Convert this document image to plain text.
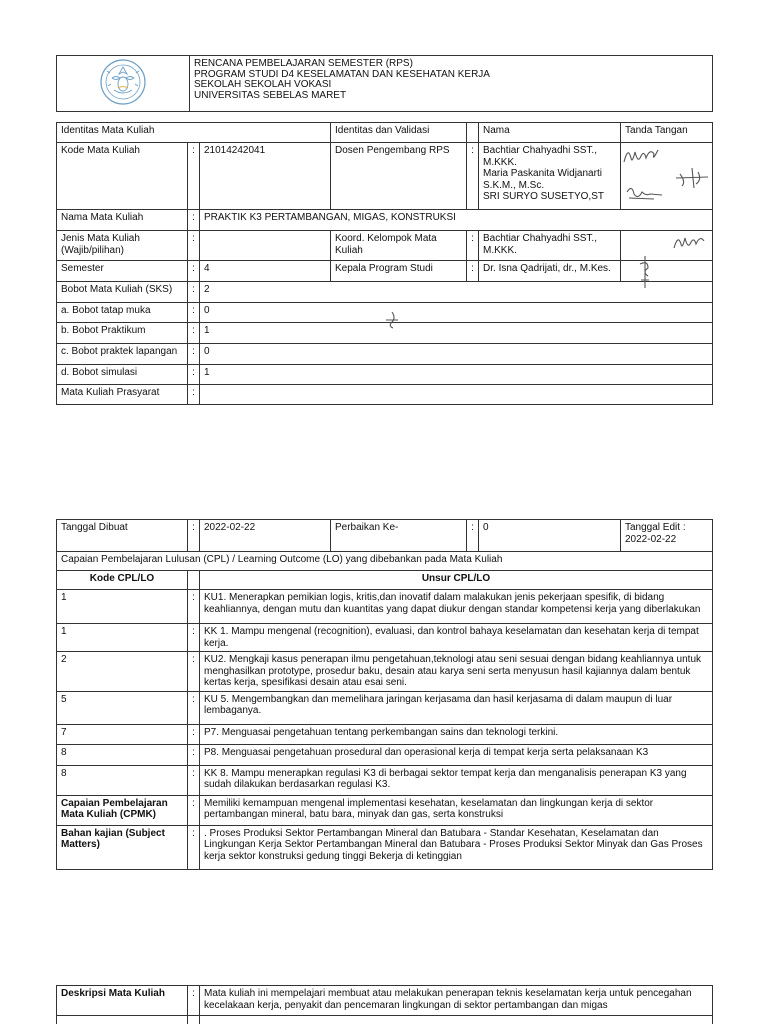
RENCANA PEMBELAJARAN SEMESTER (RPS)
PROGRAM STUDI D4 KESELAMATAN DAN KESEHATAN KERJA
SEKOLAH SEKOLAH VOKASI
UNIVERSITAS SEBELAS MARET
Identitas Mata Kuliah			Identitas dan Validasi		Nama	Tanda Tangan
Kode Mata Kuliah	:	21014242041	Dosen Pengembang RPS	:	Bachtiar Chahyadhi SST.,
M.KKK.
Maria Paskanita Widjanarti
S.K.M., M.Sc.
SRI SURYO SUSETYO,ST	

Nama Mata Kuliah	:	PRAKTIK K3 PERTAMBANGAN, MIGAS, KONSTRUKSI				
Jenis Mata Kuliah (Wajib/pilihan)	:		Koord. Kelompok Mata Kuliah	:	Bachtiar Chahyadhi SST., M.KKK.	
Semester	:	4	Kepala Program Studi	:	Dr. Isna Qadrijati, dr., M.Kes.	
Bobot Mata Kuliah (SKS)	:	2				
a. Bobot tatap muka	:	0				
b. Bobot Praktikum	:	1				
c. Bobot praktek lapangan	:	0				
d. Bobot simulasi	:	1				
Mata Kuliah Prasyarat	:					
Tanggal Dibuat	:	2022-02-22	Perbaikan Ke-	:	0	Tanggal Edit :
2022-02-22

Capaian Pembelajaran Lulusan (CPL) / Learning Outcome (LO) yang dibebankan pada Mata Kuliah						
Kode CPL/LO		Unsur CPL/LO				
1	:	KU1. Menerapkan pemikian logis, kritis,dan inovatif dalam malakukan jenis pekerjaan spesifik, di bidang keahliannya, dengan mutu dan kuantitas yang dapat diukur dengan standar kompetensi kerja yang diberlakukan				
1	:	KK 1. Mampu mengenal (recognition), evaluasi, dan kontrol bahaya keselamatan dan kesehatan kerja di tempat kerja.				
2	:	KU2. Mengkaji kasus penerapan ilmu pengetahuan,teknologi atau seni sesuai dengan bidang keahliannya untuk menghasilkan prototype, prosedur baku, desain atau karya seni serta menyusun hasil kajiannya dalam bentuk kertas kerja, spesifikasi desain atau esai seni.				
5	:	KU 5. Mengembangkan dan memelihara jaringan kerjasama dan hasil kerjasama di dalam maupun di luar lembaganya.				
7	:	P7. Menguasai pengetahuan tentang perkembangan sains dan teknologi terkini.				
8	:	P8. Menguasai pengetahuan prosedural dan operasional kerja di tempat kerja serta pelaksanaan K3				
8	:	KK 8. Mampu menerapkan regulasi K3 di berbagai sektor tempat kerja dan menganalisis penerapan K3 yang sudah dilakukan berdasarkan regulasi K3.				
Capaian Pembelajaran Mata Kuliah (CPMK)	:	Memiliki kemampuan mengenal implementasi kesehatan, keselamatan dan lingkungan kerja di sektor pertambangan mineral, batu bara, minyak dan gas, serta konstruksi				
Bahan kajian (Subject Matters)	:	. Proses Produksi Sektor Pertambangan Mineral dan Batubara - Standar Kesehatan, Keselamatan dan Lingkungan Kerja Sektor Pertambangan Mineral dan Batubara - Proses Produksi Sektor Minyak dan Gas Proses kerja sektor konstruksi gedung tinggi Bekerja di ketinggian				
Deskripsi Mata Kuliah	:	Mata kuliah ini mempelajari membuat atau melakukan penerapan teknis keselamatan kerja untuk pencegahan kecelakaan kerja, penyakit dan pencemaran lingkungan di sektor pertambangan dan migas
